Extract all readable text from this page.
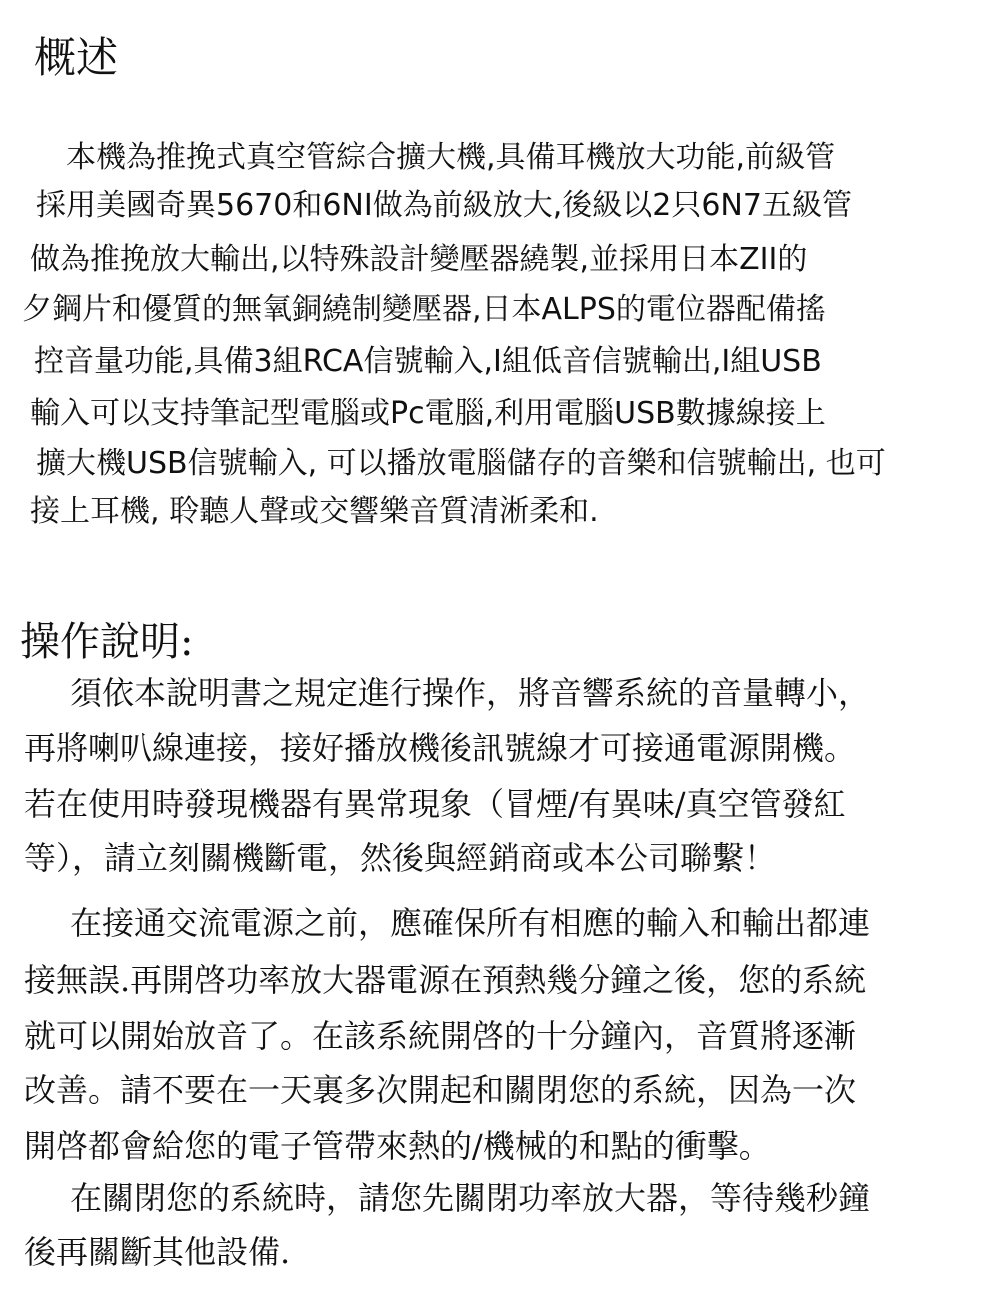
概述

本機為推挽式真空管綜合擴大機,具備耳機放大功能,前級管

採用美國奇異5670和6NI做為前級放大,後級以2只6N7五級管

做為推挽放大輸出,以特殊設計變壓器繞製,並採用日本ZII的

夕鋼片和優質的無氧銅繞制變壓器,日本ALPS的電位器配備搖

控音量功能,具備3組RCA信號輸入,I組低音信號輸出,I組USB

輸入可以支持筆記型電腦或Pc電腦,利用電腦USB數據線接上

擴大機USB信號輸入, 可以播放電腦儲存的音樂和信號輸出, 也可

接上耳機, 聆聽人聲或交響樂音質清淅柔和.

操作說明:

須依本說明書之規定進行操作，將音響系統的音量轉小，

再將喇叭線連接，接好播放機後訊號線才可接通電源開機。

若在使用時發現機器有異常現象（冒煙/有異味/真空管發紅

等），請立刻關機斷電，然後與經銷商或本公司聯繫！

在接通交流電源之前，應確保所有相應的輸入和輸出都連

接無誤.再開啓功率放大器電源在預熱幾分鐘之後，您的系統

就可以開始放音了。在該系統開啓的十分鐘內，音質將逐漸

改善。請不要在一天裏多次開起和關閉您的系統，因為一次

開啓都會給您的電子管帶來熱的/機械的和點的衝擊。

在關閉您的系統時，請您先關閉功率放大器，等待幾秒鐘

後再關斷其他設備.
